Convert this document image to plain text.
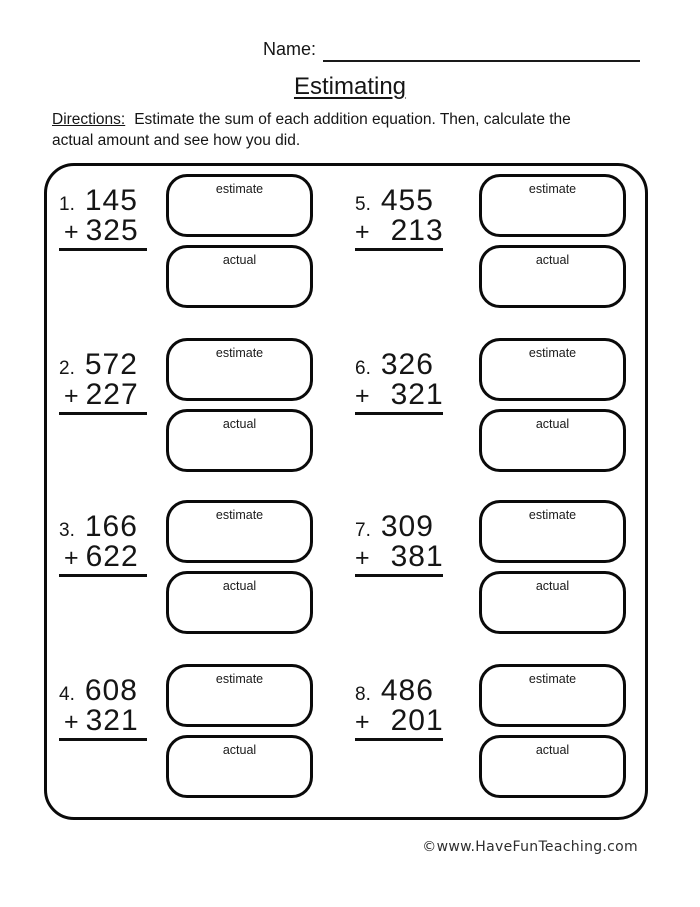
Name:
Estimating
Directions: Estimate the sum of each addition equation. Then, calculate the
actual amount and see how you did.
1. 145
+ 325
estimate
actual
2. 572
+ 227
estimate
actual
3. 166
+ 622
estimate
actual
4. 608
+ 321
estimate
actual
5. 455
+ 213
estimate
actual
6. 326
+ 321
estimate
actual
7. 309
+ 381
estimate
actual
8. 486
+ 201
estimate
actual
©www.HaveFunTeaching.com
